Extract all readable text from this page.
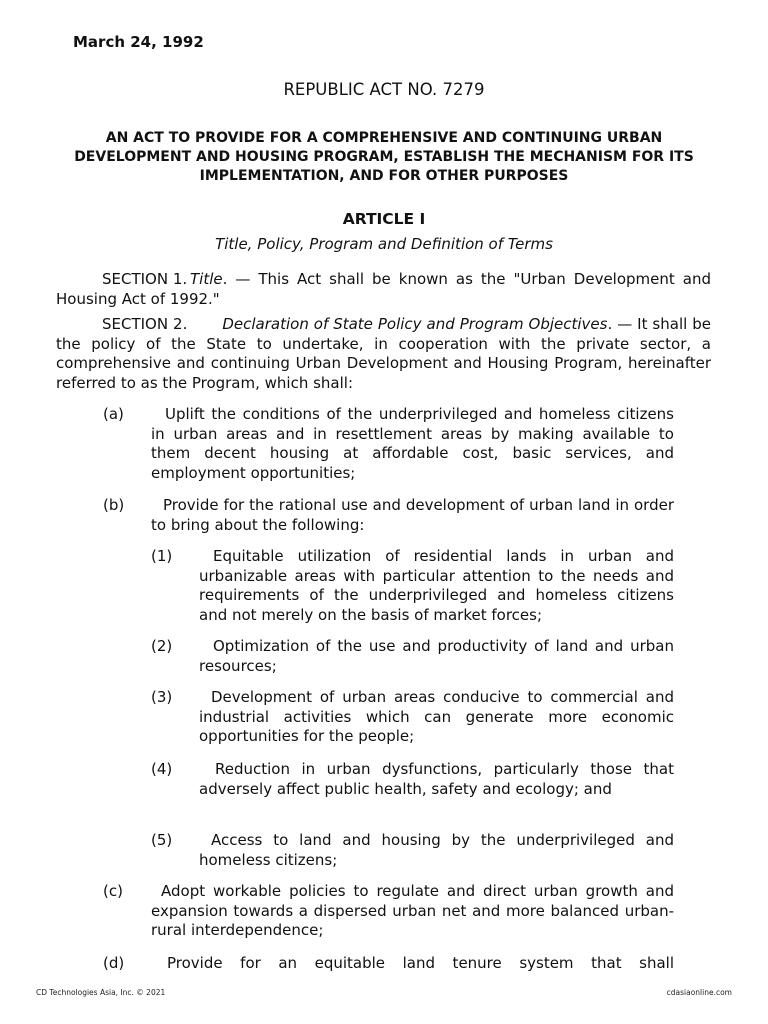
March 24, 1992
REPUBLIC ACT NO. 7279
AN ACT TO PROVIDE FOR A COMPREHENSIVE AND CONTINUING URBAN DEVELOPMENT AND HOUSING PROGRAM, ESTABLISH THE MECHANISM FOR ITS IMPLEMENTATION, AND FOR OTHER PURPOSES
ARTICLE I
Title, Policy, Program and Definition of Terms
SECTION 1. Title. — This Act shall be known as the "Urban Development and Housing Act of 1992."
SECTION 2. Declaration of State Policy and Program Objectives. — It shall be the policy of the State to undertake, in cooperation with the private sector, a comprehensive and continuing Urban Development and Housing Program, hereinafter referred to as the Program, which shall:
(a)	Uplift the conditions of the underprivileged and homeless citizens in urban areas and in resettlement areas by making available to them decent housing at affordable cost, basic services, and employment opportunities;
(b)	Provide for the rational use and development of urban land in order to bring about the following:
(1)	Equitable utilization of residential lands in urban and urbanizable areas with particular attention to the needs and requirements of the underprivileged and homeless citizens and not merely on the basis of market forces;
(2)	Optimization of the use and productivity of land and urban resources;
(3)	Development of urban areas conducive to commercial and industrial activities which can generate more economic opportunities for the people;
(4)	Reduction in urban dysfunctions, particularly those that adversely affect public health, safety and ecology; and
(5)	Access to land and housing by the underprivileged and homeless citizens;
(c)	Adopt workable policies to regulate and direct urban growth and expansion towards a dispersed urban net and more balanced urban-rural interdependence;
(d)	Provide for an equitable land tenure system that shall
CD Technologies Asia, Inc. © 2021	cdasiaonline.com
